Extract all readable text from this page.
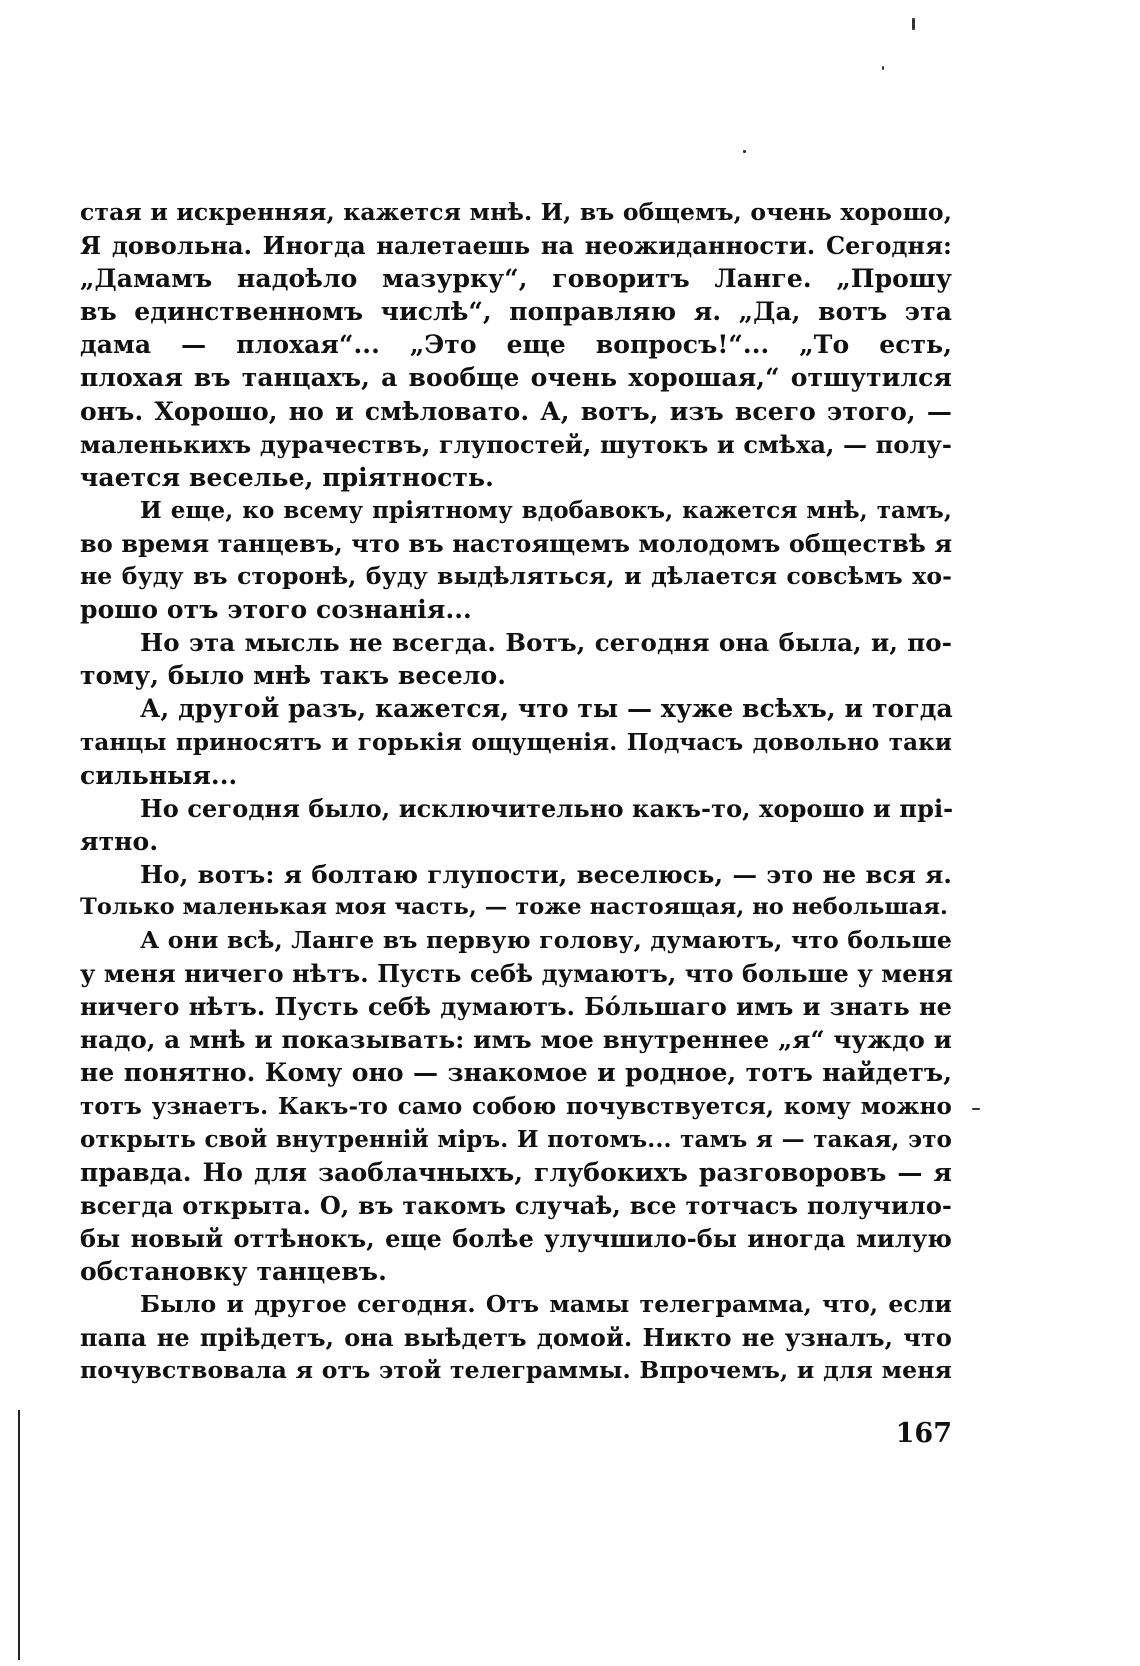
стая и искренняя, кажется мнѣ. И, въ общемъ, очень хорошо,
Я довольна. Иногда налетаешь на неожиданности. Сегодня:
„Дамамъ надоѣло мазурку“, говоритъ Ланге. „Прошу
въ единственномъ числѣ“, поправляю я. „Да, вотъ эта
дама — плохая“... „Это еще вопросъ!“... „То есть,
плохая въ танцахъ, а вообще очень хорошая,“ отшутился
онъ. Хорошо, но и смѣловато. А, вотъ, изъ всего этого, —
маленькихъ дурачествъ, глупостей, шутокъ и смѣха, — полу-
чается веселье, пріятность.
И еще, ко всему пріятному вдобавокъ, кажется мнѣ, тамъ,
во время танцевъ, что въ настоящемъ молодомъ обществѣ я
не буду въ сторонѣ, буду выдѣляться, и дѣлается совсѣмъ хо-
рошо отъ этого сознанія...
Но эта мысль не всегда. Вотъ, сегодня она была, и, по-
тому, было мнѣ такъ весело.
А, другой разъ, кажется, что ты — хуже всѣхъ, и тогда
танцы приносятъ и горькія ощущенія. Подчасъ довольно таки
сильныя...
Но сегодня было, исключительно какъ-то, хорошо и прі-
ятно.
Но, вотъ: я болтаю глупости, веселюсь, — это не вся я.
Только маленькая моя часть, — тоже настоящая, но небольшая.
А они всѣ, Ланге въ первую голову, думаютъ, что больше
у меня ничего нѣтъ. Пусть себѣ думаютъ, что больше у меня
ничего нѣтъ. Пусть себѣ думаютъ. Бóльшаго имъ и знать не
надо, а мнѣ и показывать: имъ мое внутреннее „я“ чуждо и
не понятно. Кому оно — знакомое и родное, тотъ найдетъ,
тотъ узнаетъ. Какъ-то само собою почувствуется, кому можно
открыть свой внутренній міръ. И потомъ... тамъ я — такая, это
правда. Но для заоблачныхъ, глубокихъ разговоровъ — я
всегда открыта. О, въ такомъ случаѣ, все тотчасъ получило-
бы новый оттѣнокъ, еще болѣе улучшило-бы иногда милую
обстановку танцевъ.
Было и другое сегодня. Отъ мамы телеграмма, что, если
папа не пріѣдетъ, она выѣдетъ домой. Никто не узналъ, что
почувствовала я отъ этой телеграммы. Впрочемъ, и для меня
167
